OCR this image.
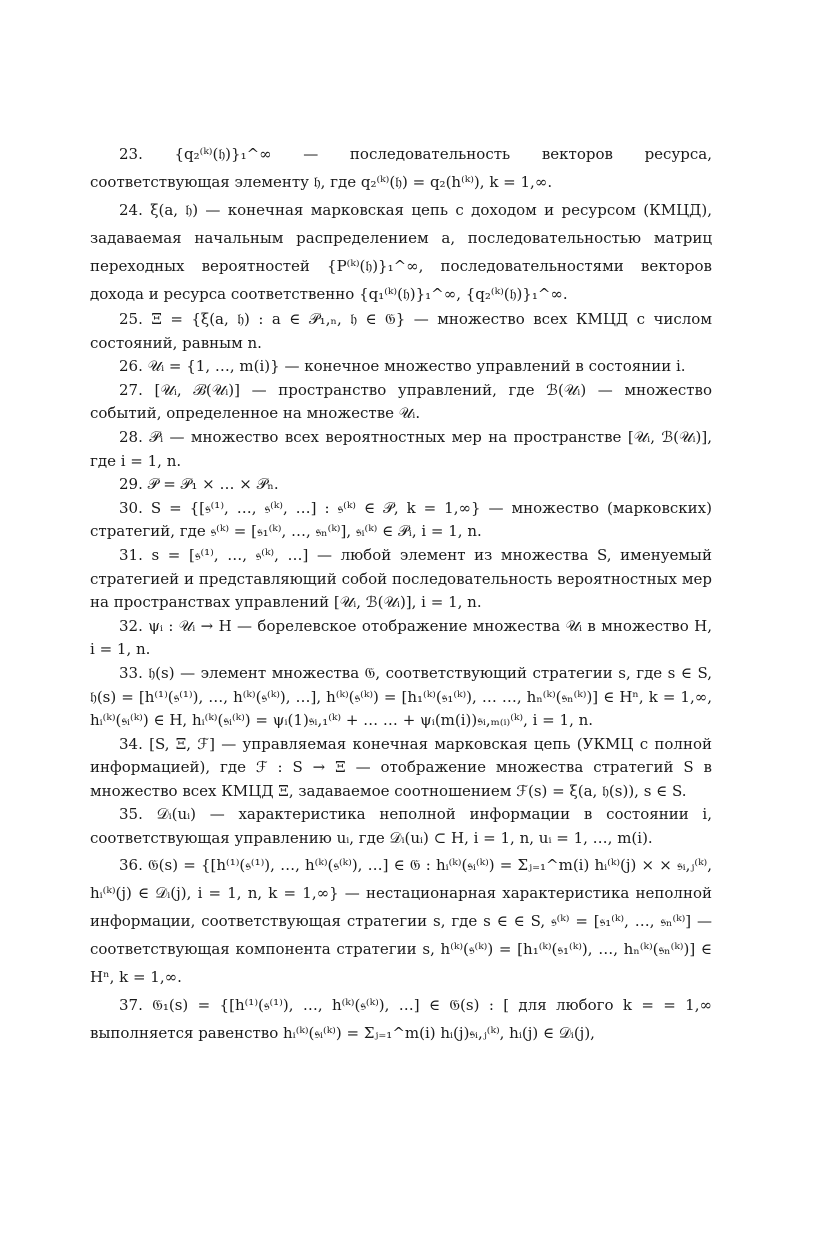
23. {q₂⁽ᵏ⁾(𝔥)}₁^∞ — последовательность векторов ресурса, соответствующая элементу 𝔥, где q₂⁽ᵏ⁾(𝔥) = q₂(h⁽ᵏ⁾), k = 1,∞.

24. ξ(a, 𝔥) — конечная марковская цепь с доходом и ресурсом (КМЦД), задаваемая начальным распределением a, последовательностью матриц переходных вероятностей {P⁽ᵏ⁾(𝔥)}₁^∞, последовательностями векторов дохода и ресурса соответственно {q₁⁽ᵏ⁾(𝔥)}₁^∞, {q₂⁽ᵏ⁾(𝔥)}₁^∞.

25. Ξ = {ξ(a, 𝔥) : a ∈ 𝒫₁,ₙ, 𝔥 ∈ 𝔊} — множество всех КМЦД с числом состояний, равным n.

26. 𝒰ᵢ = {1, …, m(i)} — конечное множество управлений в состоянии i.

27. [𝒰ᵢ, ℬ(𝒰ᵢ)] — пространство управлений, где ℬ(𝒰ᵢ) — множество событий, определенное на множестве 𝒰ᵢ.

28. 𝒫ᵢ — множество всех вероятностных мер на пространстве [𝒰ᵢ, ℬ(𝒰ᵢ)], где i = 1, n.

29. 𝒫 = 𝒫₁ × … × 𝒫ₙ.

30. S = {[𝔰⁽¹⁾, …, 𝔰⁽ᵏ⁾, …] : 𝔰⁽ᵏ⁾ ∈ 𝒫, k = 1,∞} — множество (марковских) стратегий, где 𝔰⁽ᵏ⁾ = [𝔰₁⁽ᵏ⁾, …, 𝔰ₙ⁽ᵏ⁾], 𝔰ᵢ⁽ᵏ⁾ ∈ 𝒫ᵢ, i = 1, n.

31. s = [𝔰⁽¹⁾, …, 𝔰⁽ᵏ⁾, …] — любой элемент из множества S, именуемый стратегией и представляющий собой последовательность вероятностных мер на пространствах управлений [𝒰ᵢ, ℬ(𝒰ᵢ)], i = 1, n.

32. ψᵢ : 𝒰ᵢ → H — борелевское отображение множества 𝒰ᵢ в множество H, i = 1, n.

33. 𝔥(s) — элемент множества 𝔊, соответствующий стратегии s, где s ∈ S, 𝔥(s) = [h⁽¹⁾(𝔰⁽¹⁾), …, h⁽ᵏ⁾(𝔰⁽ᵏ⁾), …], h⁽ᵏ⁾(𝔰⁽ᵏ⁾) = [h₁⁽ᵏ⁾(𝔰₁⁽ᵏ⁾), … …, hₙ⁽ᵏ⁾(𝔰ₙ⁽ᵏ⁾)] ∈ Hⁿ, k = 1,∞, hᵢ⁽ᵏ⁾(𝔰ᵢ⁽ᵏ⁾) ∈ H, hᵢ⁽ᵏ⁾(𝔰ᵢ⁽ᵏ⁾) = ψᵢ(1)𝔰ᵢ,₁⁽ᵏ⁾ + … … + ψᵢ(m(i))𝔰ᵢ,ₘ₍ᵢ₎⁽ᵏ⁾, i = 1, n.

34. [S, Ξ, ℱ] — управляемая конечная марковская цепь (УКМЦ с полной информацией), где ℱ : S → Ξ — отображение множества стратегий S в множество всех КМЦД Ξ, задаваемое соотношением ℱ(s) = ξ(a, 𝔥(s)), s ∈ S.

35. 𝒟ᵢ(uᵢ) — характеристика неполной информации в состоянии i, соответствующая управлению uᵢ, где 𝒟ᵢ(uᵢ) ⊂ H, i = 1, n, uᵢ = 1, …, m(i).

36. 𝔊(s) = {[h⁽¹⁾(𝔰⁽¹⁾), …, h⁽ᵏ⁾(𝔰⁽ᵏ⁾), …] ∈ 𝔊 : hᵢ⁽ᵏ⁾(𝔰ᵢ⁽ᵏ⁾) = Σⱼ₌₁^m(i) hᵢ⁽ᵏ⁾(j) × × 𝔰ᵢ,ⱼ⁽ᵏ⁾, hᵢ⁽ᵏ⁾(j) ∈ 𝒟ᵢ(j), i = 1, n, k = 1,∞} — нестационарная характеристика неполной информации, соответствующая стратегии s, где s ∈ ∈ S, 𝔰⁽ᵏ⁾ = [𝔰₁⁽ᵏ⁾, …, 𝔰ₙ⁽ᵏ⁾] — соответствующая компонента стратегии s, h⁽ᵏ⁾(𝔰⁽ᵏ⁾) = [h₁⁽ᵏ⁾(𝔰₁⁽ᵏ⁾), …, hₙ⁽ᵏ⁾(𝔰ₙ⁽ᵏ⁾)] ∈ Hⁿ, k = 1,∞.

37. 𝔊₁(s) = {[h⁽¹⁾(𝔰⁽¹⁾), …, h⁽ᵏ⁾(𝔰⁽ᵏ⁾), …] ∈ 𝔊(s) : [ для любого k = = 1,∞ выполняется равенство hᵢ⁽ᵏ⁾(𝔰ᵢ⁽ᵏ⁾) = Σⱼ₌₁^m(i) hᵢ(j)𝔰ᵢ,ⱼ⁽ᵏ⁾, hᵢ(j) ∈ 𝒟ᵢ(j),
